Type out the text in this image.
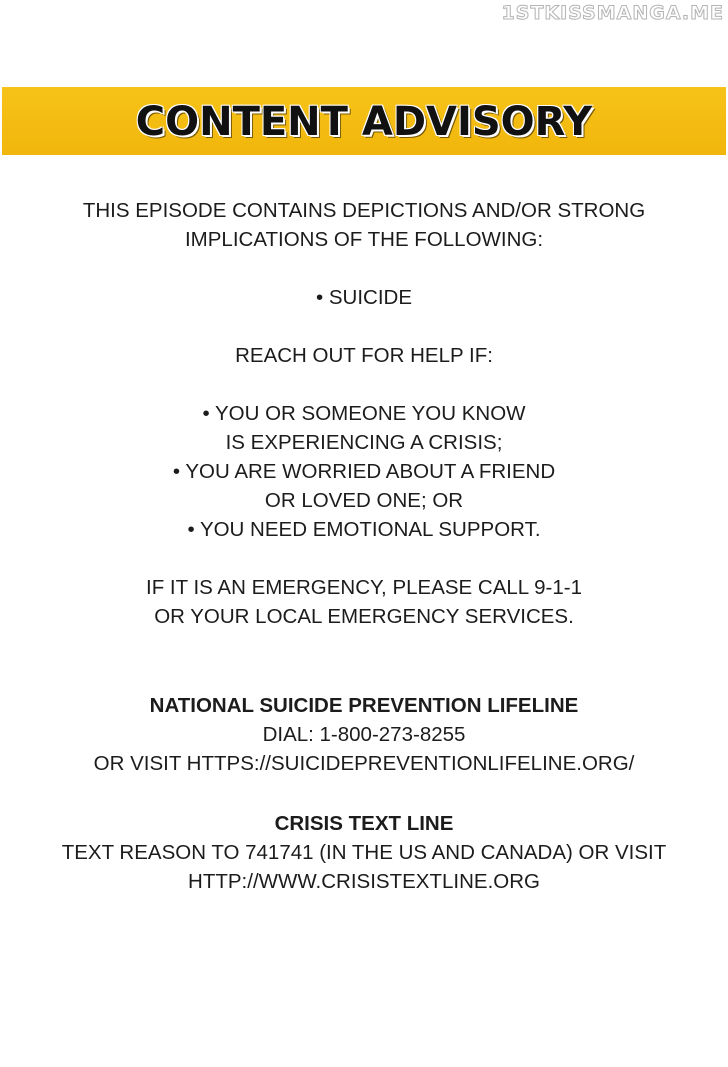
1STKISSMANGA.ME
CONTENT ADVISORY
THIS EPISODE CONTAINS DEPICTIONS AND/OR STRONG
IMPLICATIONS OF THE FOLLOWING:
• SUICIDE
REACH OUT FOR HELP IF:
• YOU OR SOMEONE YOU KNOW
IS EXPERIENCING A CRISIS;
• YOU ARE WORRIED ABOUT A FRIEND
OR LOVED ONE; OR
• YOU NEED EMOTIONAL SUPPORT.
IF IT IS AN EMERGENCY, PLEASE CALL 9-1-1
OR YOUR LOCAL EMERGENCY SERVICES.
NATIONAL SUICIDE PREVENTION LIFELINE
DIAL: 1-800-273-8255
OR VISIT HTTPS://SUICIDEPREVENTIONLIFELINE.ORG/
CRISIS TEXT LINE
TEXT REASON TO 741741 (IN THE US AND CANADA) OR VISIT
HTTP://WWW.CRISISTEXTLINE.ORG
